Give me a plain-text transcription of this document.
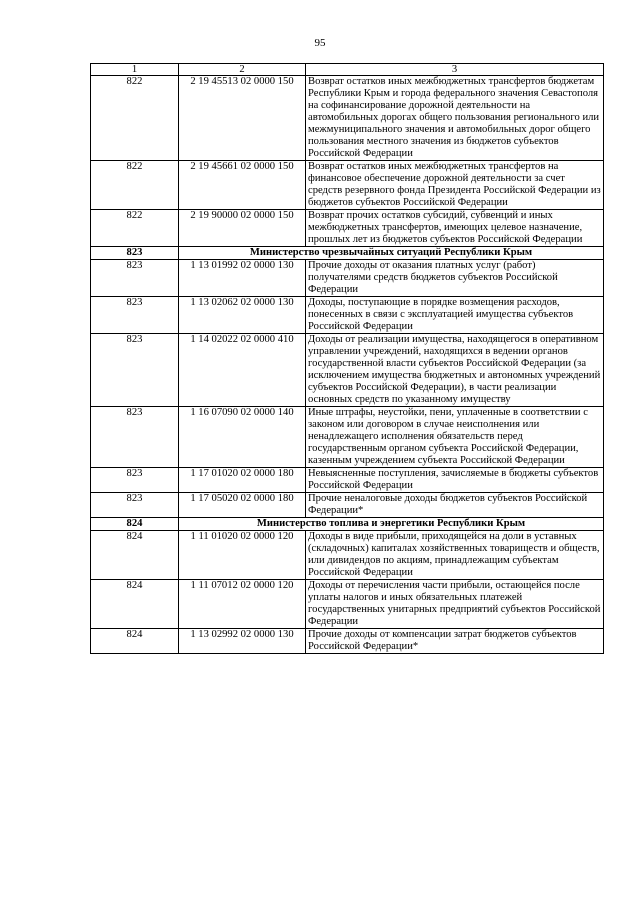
95
1	2	3
822	2 19 45513 02 0000 150	Возврат остатков иных межбюджетных трансфертов бюджетам Республики Крым и города федерального значения Севастополя на софинансирование дорожной деятельности на автомобильных дорогах общего пользования регионального или межмуниципального значения и автомобильных дорог общего пользования местного значения из бюджетов субъектов Российской Федерации
822	2 19 45661 02 0000 150	Возврат остатков иных межбюджетных трансфертов на финансовое обеспечение дорожной деятельности за счет средств резервного фонда Президента Российской Федерации из бюджетов субъектов Российской Федерации
822	2 19 90000 02 0000 150	Возврат прочих остатков субсидий, субвенций и иных межбюджетных трансфертов, имеющих целевое назначение, прошлых лет из бюджетов субъектов Российской Федерации
823	Министерство чрезвычайных ситуаций Республики Крым	
823	1 13 01992 02 0000 130	Прочие доходы от оказания платных услуг (работ) получателями средств бюджетов субъектов Российской Федерации
823	1 13 02062 02 0000 130	Доходы, поступающие в порядке возмещения расходов, понесенных в связи с эксплуатацией имущества субъектов Российской Федерации
823	1 14 02022 02 0000 410	Доходы от реализации имущества, находящегося в оперативном управлении учреждений, находящихся в ведении органов государственной власти субъектов Российской Федерации (за исключением имущества бюджетных и автономных учреждений субъектов Российской Федерации), в части реализации основных средств по указанному имуществу
823	1 16 07090 02 0000 140	Иные штрафы, неустойки, пени, уплаченные в соответствии с законом или договором в случае неисполнения или ненадлежащего исполнения обязательств перед государственным органом субъекта Российской Федерации, казенным учреждением субъекта Российской Федерации
823	1 17 01020 02 0000 180	Невыясненные поступления, зачисляемые в бюджеты субъектов Российской Федерации
823	1 17 05020 02 0000 180	Прочие неналоговые доходы бюджетов субъектов Российской Федерации*
824	Министерство топлива и энергетики Республики Крым	
824	1 11 01020 02 0000 120	Доходы в виде прибыли, приходящейся на доли в уставных (складочных) капиталах хозяйственных товариществ и обществ, или дивидендов по акциям, принадлежащим субъектам Российской Федерации
824	1 11 07012 02 0000 120	Доходы от перечисления части прибыли, остающейся после уплаты налогов и иных обязательных платежей государственных унитарных предприятий субъектов Российской Федерации
824	1 13 02992 02 0000 130	Прочие доходы от компенсации затрат бюджетов субъектов Российской Федерации*
